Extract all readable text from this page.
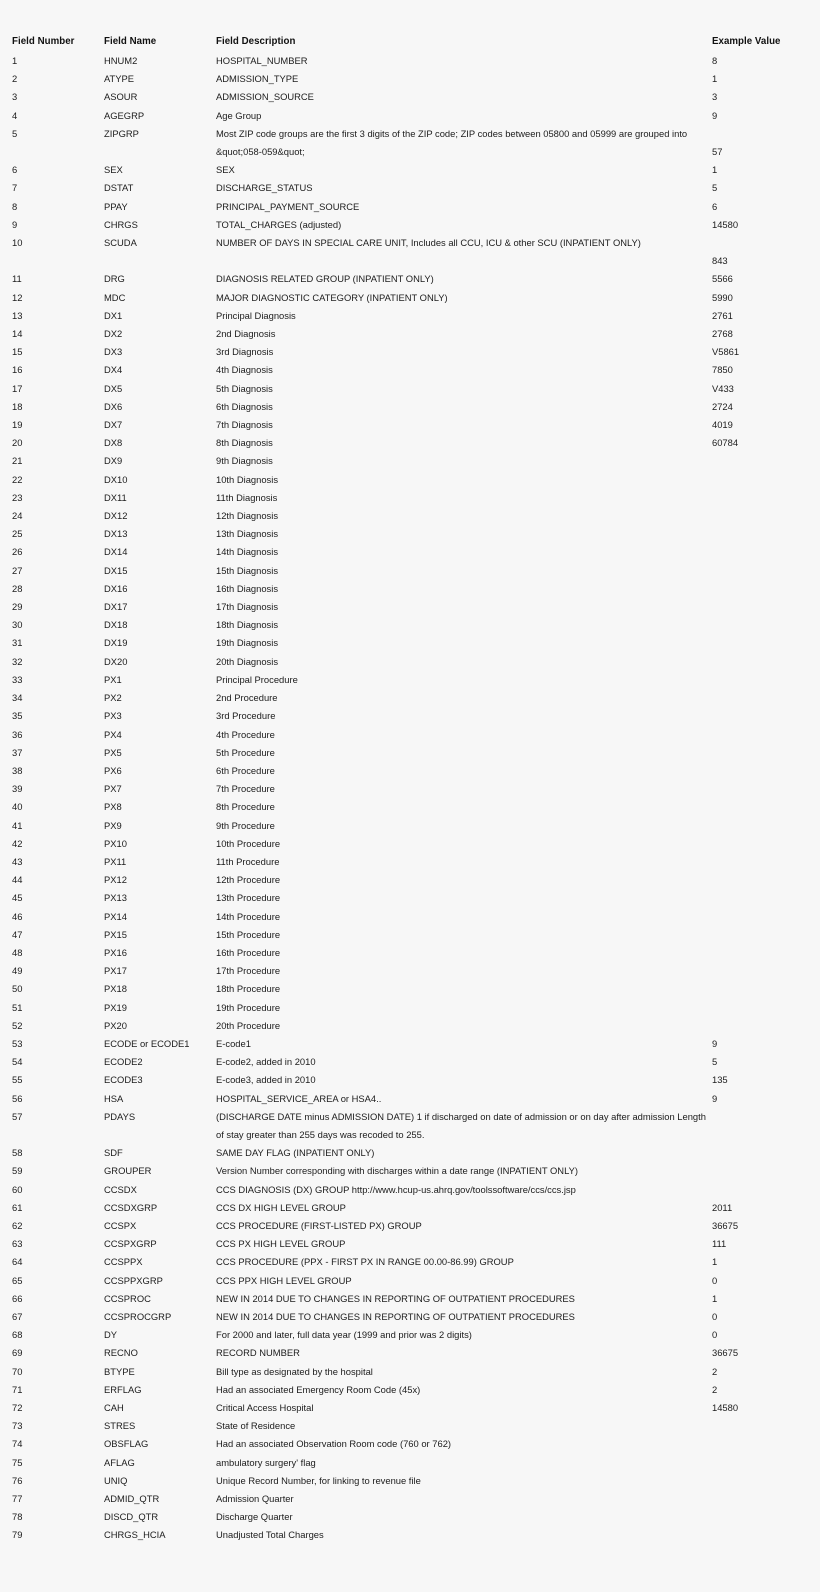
Field Number	Field Name	Field Description	Example Value
1	HNUM2	HOSPITAL_NUMBER	8
2	ATYPE	ADMISSION_TYPE	1
3	ASOUR	ADMISSION_SOURCE	3
4	AGEGRP	Age Group	9
5	ZIPGRP	Most ZIP code groups are the first 3 digits of the ZIP code; ZIP codes between 05800 and 05999 are grouped into &quot;058-059&quot;	57
6	SEX	SEX	1
7	DSTAT	DISCHARGE_STATUS	5
8	PPAY	PRINCIPAL_PAYMENT_SOURCE	6
9	CHRGS	TOTAL_CHARGES (adjusted)	14580
10	SCUDA	NUMBER OF DAYS IN SPECIAL CARE UNIT, Includes all CCU, ICU & other SCU (INPATIENT ONLY)	843
11	DRG	DIAGNOSIS RELATED GROUP (INPATIENT ONLY)	5566
12	MDC	MAJOR DIAGNOSTIC CATEGORY (INPATIENT ONLY)	5990
13	DX1	Principal Diagnosis	2761
14	DX2	2nd Diagnosis	2768
15	DX3	3rd Diagnosis	V5861
16	DX4	4th Diagnosis	7850
17	DX5	5th Diagnosis	V433
18	DX6	6th Diagnosis	2724
19	DX7	7th Diagnosis	4019
20	DX8	8th Diagnosis	60784
21	DX9	9th Diagnosis	
22	DX10	10th Diagnosis	
23	DX11	11th Diagnosis	
24	DX12	12th Diagnosis	
25	DX13	13th Diagnosis	
26	DX14	14th Diagnosis	
27	DX15	15th Diagnosis	
28	DX16	16th Diagnosis	
29	DX17	17th Diagnosis	
30	DX18	18th Diagnosis	
31	DX19	19th Diagnosis	
32	DX20	20th Diagnosis	
33	PX1	Principal Procedure	
34	PX2	2nd Procedure	
35	PX3	3rd Procedure	
36	PX4	4th Procedure	
37	PX5	5th Procedure	
38	PX6	6th Procedure	
39	PX7	7th Procedure	
40	PX8	8th Procedure	
41	PX9	9th Procedure	
42	PX10	10th Procedure	
43	PX11	11th Procedure	
44	PX12	12th Procedure	
45	PX13	13th Procedure	
46	PX14	14th Procedure	
47	PX15	15th Procedure	
48	PX16	16th Procedure	
49	PX17	17th Procedure	
50	PX18	18th Procedure	
51	PX19	19th Procedure	
52	PX20	20th Procedure	
53	ECODE or ECODE1	E-code1	9
54	ECODE2	E-code2, added in 2010	5
55	ECODE3	E-code3, added in 2010	135
56	HSA	HOSPITAL_SERVICE_AREA or HSA4..	9
57	PDAYS	(DISCHARGE DATE minus ADMISSION DATE) 1 if discharged on date of admission or on day after admission Length of stay greater than 255 days was recoded to 255.	
58	SDF	SAME DAY FLAG (INPATIENT ONLY)	
59	GROUPER	Version Number corresponding with discharges within a date range (INPATIENT ONLY)	
60	CCSDX	CCS DIAGNOSIS (DX) GROUP http://www.hcup-us.ahrq.gov/toolssoftware/ccs/ccs.jsp	
61	CCSDXGRP	CCS DX HIGH LEVEL GROUP	2011
62	CCSPX	CCS PROCEDURE (FIRST-LISTED PX) GROUP	36675
63	CCSPXGRP	CCS PX HIGH LEVEL GROUP	111
64	CCSPPX	CCS PROCEDURE (PPX - FIRST PX IN RANGE 00.00-86.99) GROUP	1
65	CCSPPXGRP	CCS PPX HIGH LEVEL GROUP	0
66	CCSPROC	NEW IN 2014 DUE TO CHANGES IN REPORTING OF OUTPATIENT PROCEDURES	1
67	CCSPROCGRP	NEW IN 2014 DUE TO CHANGES IN REPORTING OF OUTPATIENT PROCEDURES	0
68	DY	For 2000 and later, full data year (1999 and prior was 2 digits)	0
69	RECNO	RECORD NUMBER	36675
70	BTYPE	Bill type as designated by the hospital	2
71	ERFLAG	Had an associated Emergency Room Code (45x)	2
72	CAH	Critical Access Hospital	14580
73	STRES	State of Residence	
74	OBSFLAG	Had an associated Observation Room code (760 or 762)	
75	AFLAG	ambulatory surgery' flag	
76	UNIQ	Unique Record Number, for linking to revenue file	
77	ADMID_QTR	Admission Quarter	
78	DISCD_QTR	Discharge Quarter	
79	CHRGS_HCIA	Unadjusted Total Charges	
